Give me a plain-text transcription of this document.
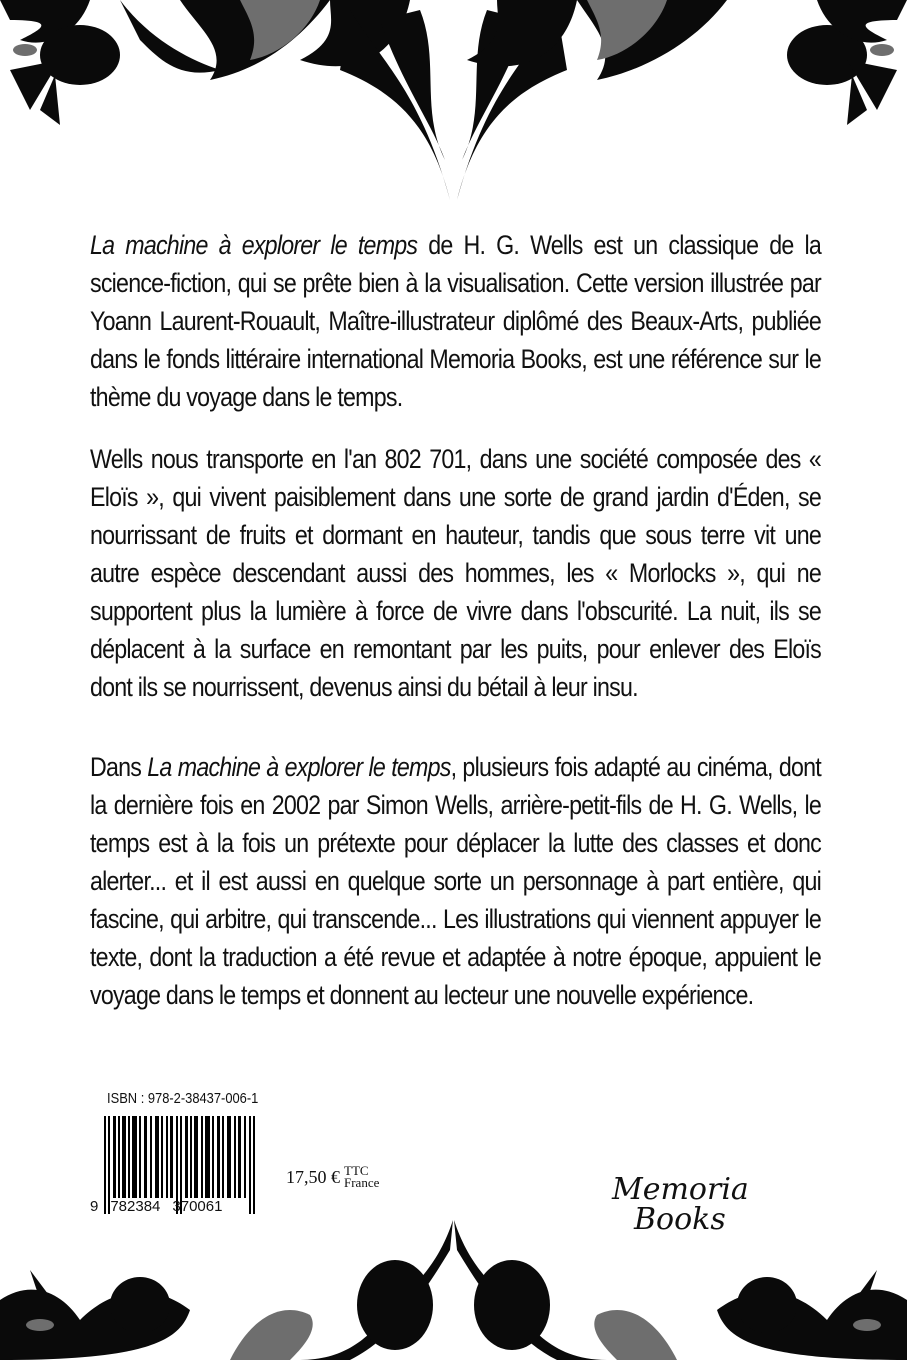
La machine à explorer le temps de H. G. Wells est un classique de la science-fiction, qui se prête bien à la visualisation. Cette version illustrée par Yoann Laurent-Rouault, Maître-illustrateur diplômé des Beaux-Arts, publiée dans le fonds littéraire international Memoria Books, est une référence sur le thème du voyage dans le temps.

Wells nous transporte en l'an 802 701, dans une société composée des « Eloïs », qui vivent paisiblement dans une sorte de grand jardin d'Éden, se nourrissant de fruits et dormant en hauteur, tandis que sous terre vit une autre espèce descendant aussi des hommes, les « Morlocks », qui ne supportent plus la lumière à force de vivre dans l'obscurité. La nuit, ils se déplacent à la surface en remontant par les puits, pour enlever des Eloïs dont ils se nourrissent, devenus ainsi du bétail à leur insu.

Dans La machine à explorer le temps, plusieurs fois adapté au cinéma, dont la dernière fois en 2002 par Simon Wells, arrière-petit-fils de H. G. Wells, le temps est à la fois un prétexte pour déplacer la lutte des classes et donc alerter... et il est aussi en quelque sorte un personnage à part entière, qui fascine, qui arbitre, qui transcende... Les illustrations qui viennent appuyer le texte, dont la traduction a été revue et adaptée à notre époque, appuient le voyage dans le temps et donnent au lecteur une nouvelle expérience.

ISBN : 978-2-38437-006-1
9 782384 370061
17,50 € TTC
France	Memoria
Books
